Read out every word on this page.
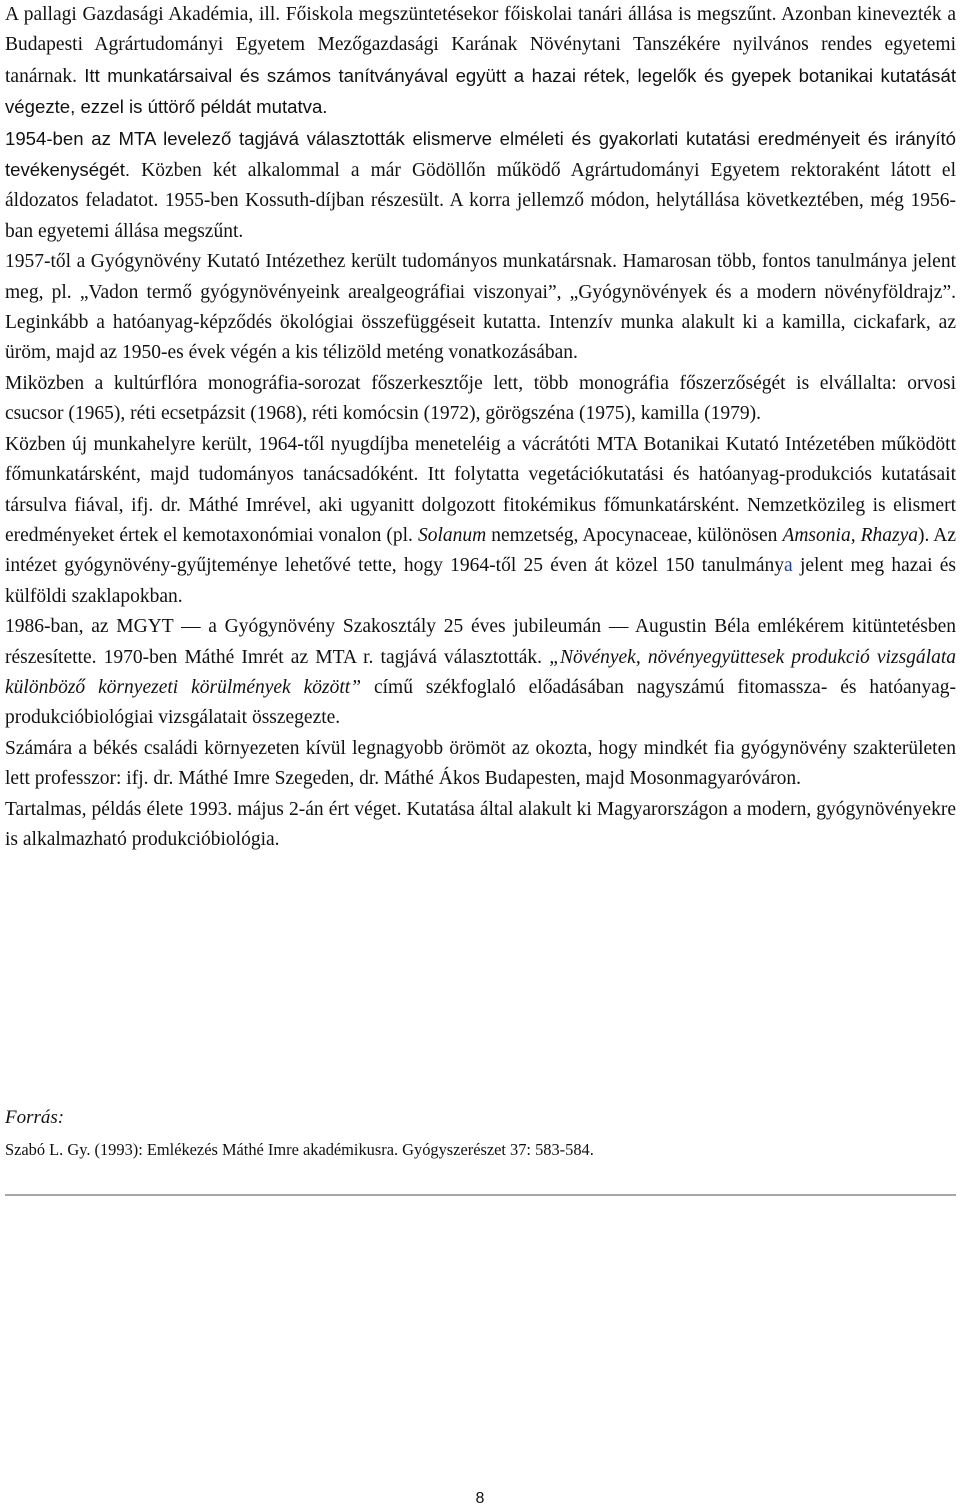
A pallagi Gazdasági Akadémia, ill. Főiskola megszüntetésekor főiskolai tanári állása is megszűnt. Azonban kinevezték a Budapesti Agrártudományi Egyetem Mezőgazdasági Karának Növénytani Tanszékére nyilvános rendes egyetemi tanárnak. Itt munkatársaival és számos tanítványával együtt a hazai rétek, legelők és gyepek botanikai kutatását végezte, ezzel is úttörő példát mutatva.

1954-ben az MTA levelező tagjává választották elismerve elméleti és gyakorlati kutatási eredményeit és irányító tevékenységét. Közben két alkalommal a már Gödöllőn működő Agrártudományi Egyetem rektoraként látott el áldozatos feladatot. 1955-ben Kossuth-díjban részesült. A korra jellemző módon, helytállása következtében, még 1956-ban egyetemi állása megszűnt.

1957-től a Gyógynövény Kutató Intézethez került tudományos munkatársnak. Hamarosan több, fontos tanulmánya jelent meg, pl. „Vadon termő gyógynövényeink arealgeográfiai viszonyai”, „Gyógynövények és a modern növényföldrajz”. Leginkább a hatóanyag-képződés ökológiai összefüggéseit kutatta. Intenzív munka alakult ki a kamilla, cickafark, az üröm, majd az 1950-es évek végén a kis télizöld meténg vonatkozásában.

Miközben a kultúrflóra monográfia-sorozat főszerkesztője lett, több monográfia főszerzőségét is elvállalta: orvosi csucsor (1965), réti ecsetpázsit (1968), réti komócsin (1972), görögszéna (1975), kamilla (1979).

Közben új munkahelyre került, 1964-től nyugdíjba meneteléig a vácrátóti MTA Botanikai Kutató Intézetében működött főmunkatársként, majd tudományos tanácsadóként. Itt folytatta vegetációkutatási és hatóanyag-produkciós kutatásait társulva fiával, ifj. dr. Máthé Imrével, aki ugyanitt dolgozott fitokémikus főmunkatársként. Nemzetközileg is elismert eredményeket értek el kemotaxonómiai vonalon (pl. Solanum nemzetség, Apocynaceae, különösen Amsonia, Rhazya). Az intézet gyógynövény-gyűjteménye lehetővé tette, hogy 1964-től 25 éven át közel 150 tanulmánya jelent meg hazai és külföldi szaklapokban.

1986-ban, az MGYT — a Gyógynövény Szakosztály 25 éves jubileumán — Augustin Béla emlékérem kitüntetésben részesítette. 1970-ben Máthé Imrét az MTA r. tagjává választották. „Növények, növényegyüttesek produkció vizsgálata különböző környezeti körülmények között” című székfoglaló előadásában nagyszámú fitomassza- és hatóanyag-produkcióbiológiai vizsgálatait összegezte.

Számára a békés családi környezeten kívül legnagyobb örömöt az okozta, hogy mindkét fia gyógynövény szakterületen lett professzor: ifj. dr. Máthé Imre Szegeden, dr. Máthé Ákos Budapesten, majd Mosonmagyaróváron.

Tartalmas, példás élete 1993. május 2-án ért véget. Kutatása által alakult ki Magyarországon a modern, gyógynövényekre is alkalmazható produkcióbiológia.

Forrás:

Szabó L. Gy. (1993): Emlékezés Máthé Imre akadémikusra. Gyógyszerészet 37: 583-584.

8
